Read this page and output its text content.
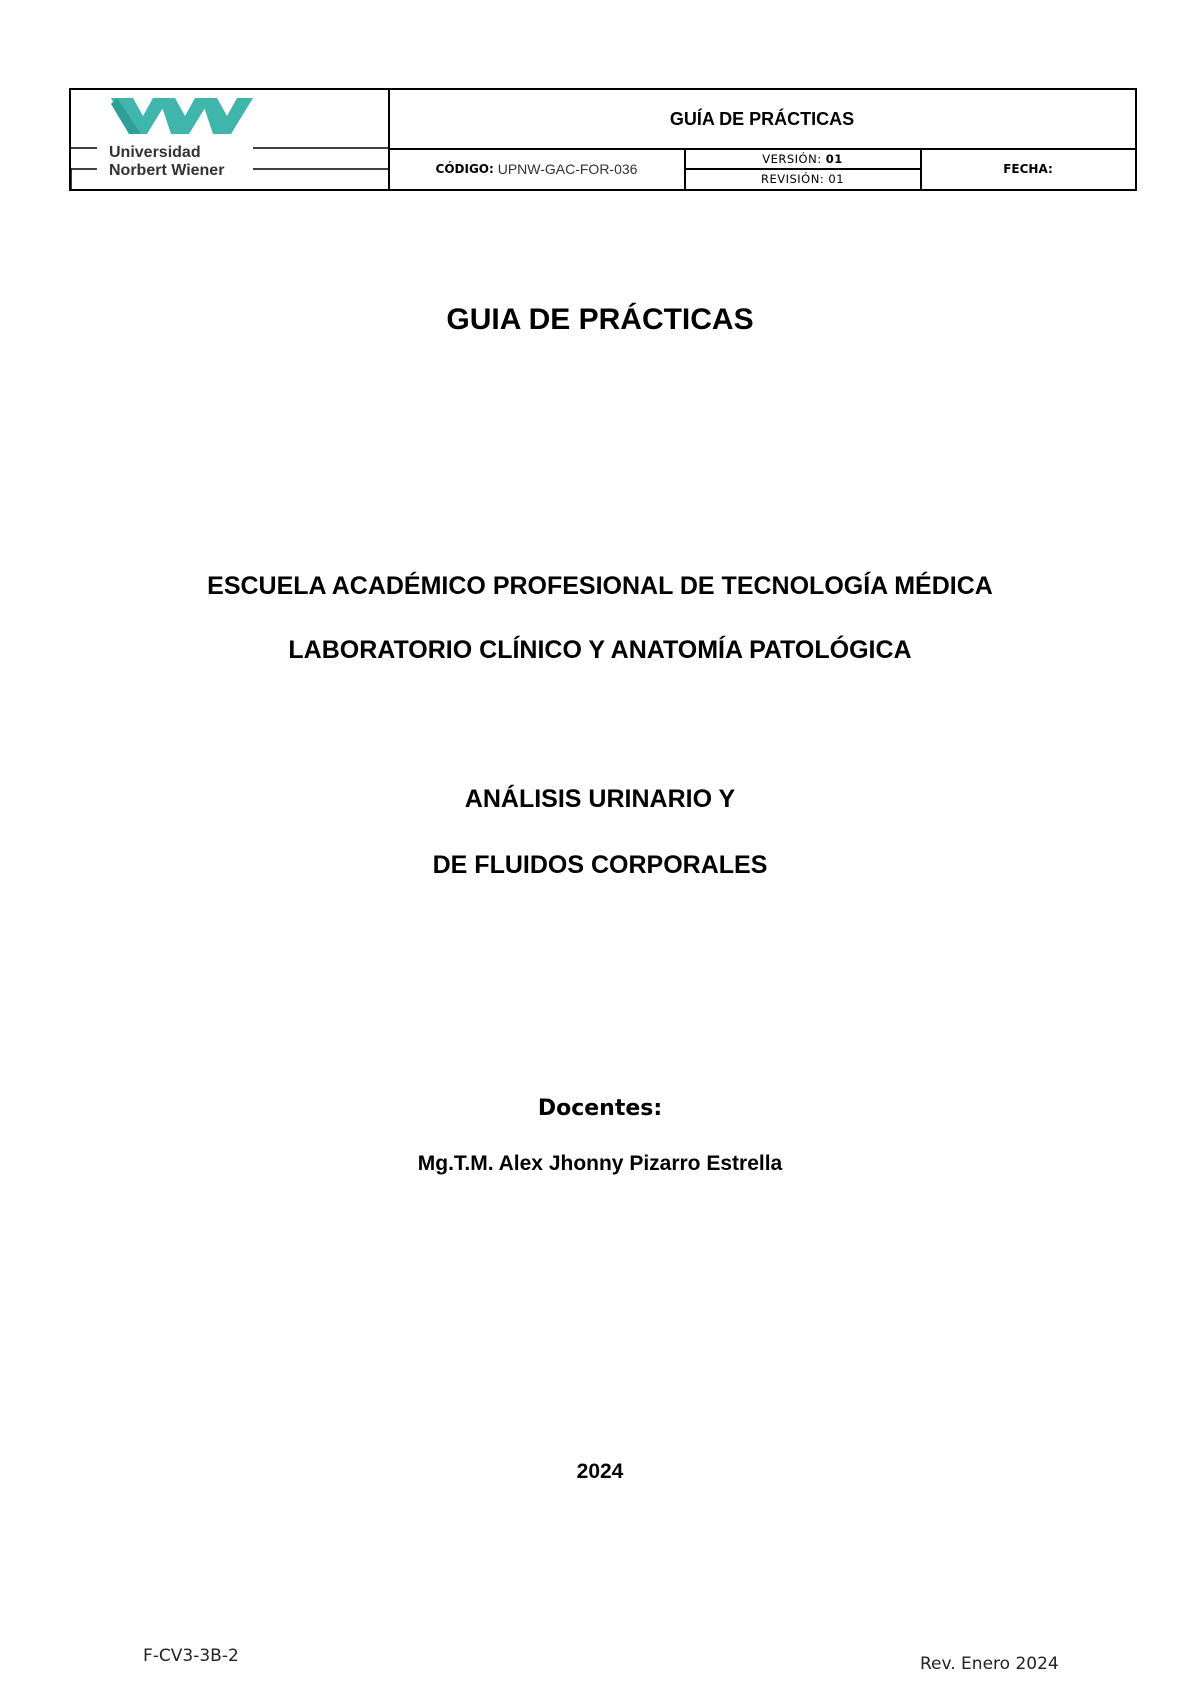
Universidad
Norbert Wiener
GUÍA DE PRÁCTICAS
CÓDIGO:
UPNW-GAC-FOR-036
VERSIÓN:
01
REVISIÓN:
01
FECHA:
GUIA DE PRÁCTICAS
ESCUELA ACADÉMICO PROFESIONAL DE TECNOLOGÍA MÉDICA
LABORATORIO CLÍNICO Y ANATOMÍA PATOLÓGICA
ANÁLISIS URINARIO Y
DE FLUIDOS CORPORALES
Docentes:
Mg.T.M. Alex Jhonny Pizarro Estrella
2024
F-CV3-3B-2	Rev. Enero 2024
